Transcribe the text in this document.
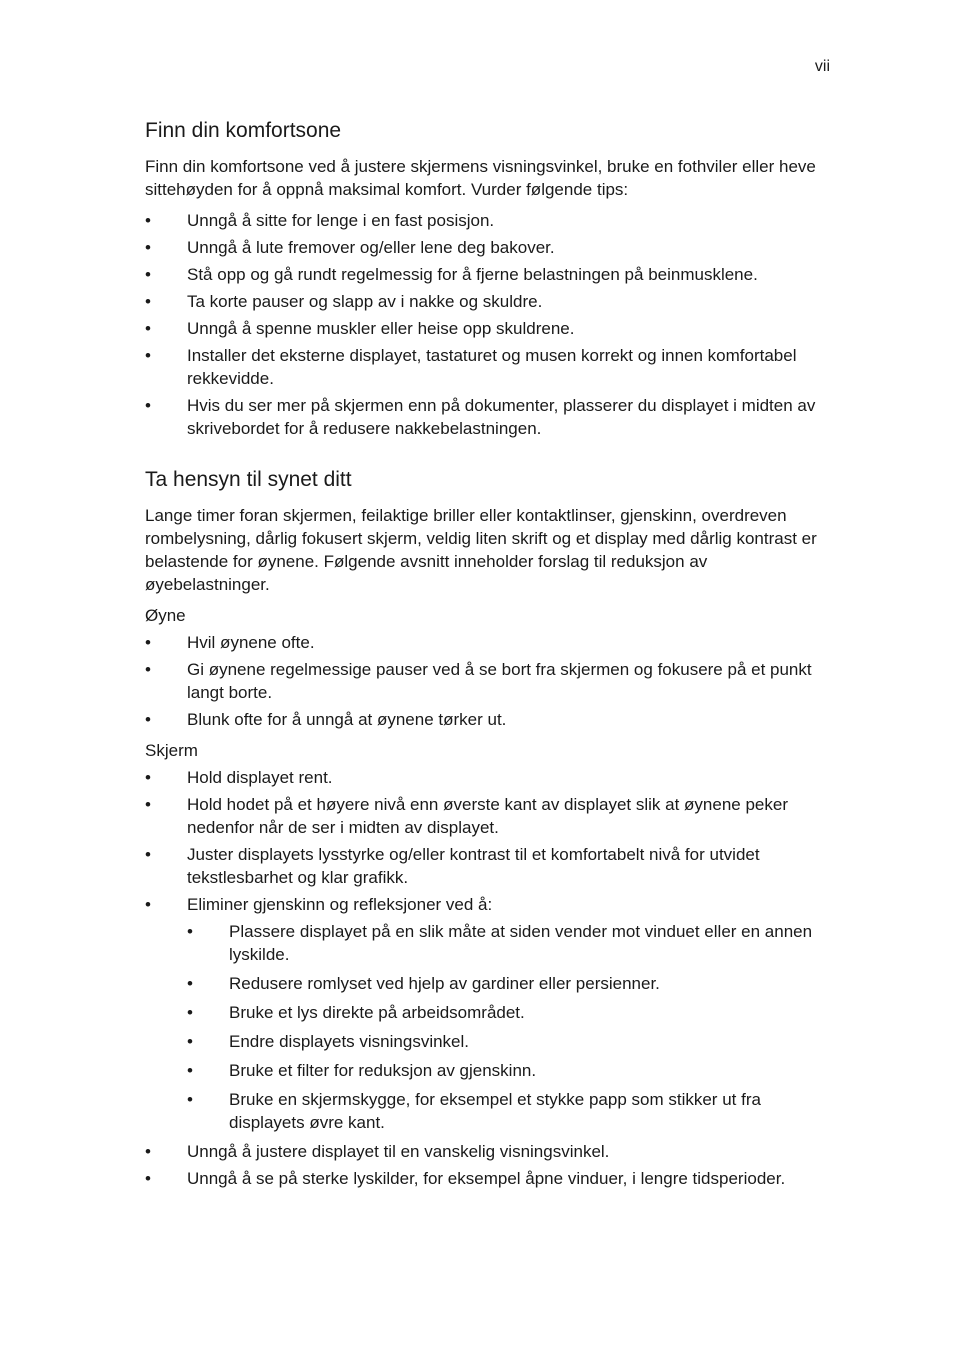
vii
Finn din komfortsone

Finn din komfortsone ved å justere skjermens visningsvinkel, bruke en fothviler eller heve sittehøyden for å oppnå maksimal komfort. Vurder følgende tips:

• Unngå å sitte for lenge i en fast posisjon.
• Unngå å lute fremover og/eller lene deg bakover.
• Stå opp og gå rundt regelmessig for å fjerne belastningen på beinmusklene.
• Ta korte pauser og slapp av i nakke og skuldre.
• Unngå å spenne muskler eller heise opp skuldrene.
• Installer det eksterne displayet, tastaturet og musen korrekt og innen komfortabel rekkevidde.
• Hvis du ser mer på skjermen enn på dokumenter, plasserer du displayet i midten av skrivebordet for å redusere nakkebelastningen.
Ta hensyn til synet ditt

Lange timer foran skjermen, feilaktige briller eller kontaktlinser, gjenskinn, overdreven rombelysning, dårlig fokusert skjerm, veldig liten skrift og et display med dårlig kontrast er belastende for øynene. Følgende avsnitt inneholder forslag til reduksjon av øyebelastninger.

Øyne

• Hvil øynene ofte.
• Gi øynene regelmessige pauser ved å se bort fra skjermen og fokusere på et punkt langt borte.
• Blunk ofte for å unngå at øynene tørker ut.

Skjerm

• Hold displayet rent.
• Hold hodet på et høyere nivå enn øverste kant av displayet slik at øynene peker nedenfor når de ser i midten av displayet.
• Juster displayets lysstyrke og/eller kontrast til et komfortabelt nivå for utvidet tekstlesbarhet og klar grafikk.
• Eliminer gjenskinn og refleksjoner ved å:
• Plassere displayet på en slik måte at siden vender mot vinduet eller en annen lyskilde.
• Redusere romlyset ved hjelp av gardiner eller persienner.
• Bruke et lys direkte på arbeidsområdet.
• Endre displayets visningsvinkel.
• Bruke et filter for reduksjon av gjenskinn.
• Bruke en skjermskygge, for eksempel et stykke papp som stikker ut fra displayets øvre kant.
• Unngå å justere displayet til en vanskelig visningsvinkel.
• Unngå å se på sterke lyskilder, for eksempel åpne vinduer, i lengre tidsperioder.
